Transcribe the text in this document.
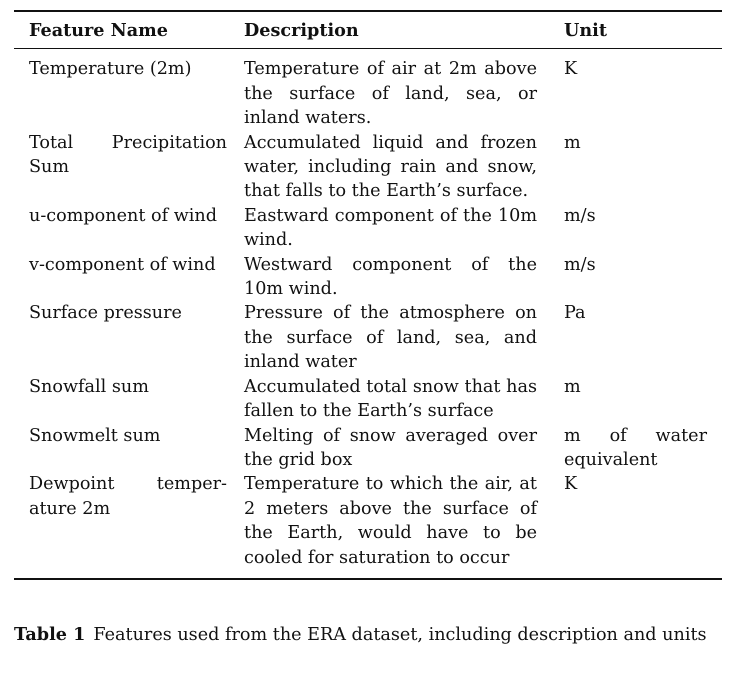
Feature Name	Description	Unit
Temperature (2m)	Temperature of air at 2m above the surface of land, sea, or inland waters.	K
Total Precipitation Sum	Accumulated liquid and frozen water, including rain and snow, that falls to the Earth’s surface.	m
u-component of wind	Eastward component of the 10m wind.	m/s
v-component of wind	Westward component of the 10m wind.	m/s
Surface pressure	Pressure of the atmosphere on the surface of land, sea, and inland water	Pa
Snowfall sum	Accumulated total snow that has fallen to the Earth’s surface	m
Snowmelt sum	Melting of snow averaged over the grid box	m of water equivalent
Dewpoint temperature 2m	Temperature to which the air, at 2 meters above the surface of the Earth, would have to be cooled for saturation to occur	K
Table 1 Features used from the ERA dataset, including description and units
